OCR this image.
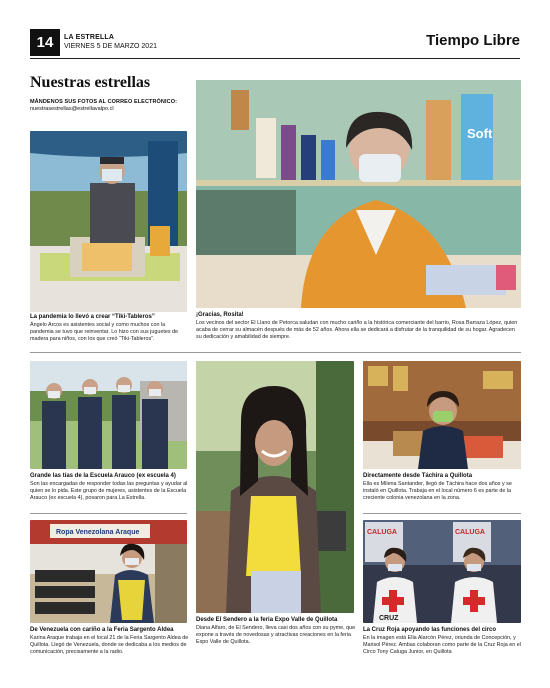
14	LA ESTRELLA
VIERNES 5 DE MARZO 2021	Tiempo Libre
Nuestras estrellas
MÁNDENOS SUS FOTOS AL CORREO ELECTRÓNICO:
nuestrasestrellas@estrellavalpo.cl
La pandemia lo llevó a crear “Tiki-Tableros”
Ángelo Arcos es asistentes social y como muchos con la pandemia se tuvo que reinventar. Lo hizo con sus juguetes de madera para niños, con los que creó “Tiki-Tableros”.
Soft
¡Gracias, Rosita!
Los vecinos del sector El Llano de Petorca saludan con mucho cariño a la histórica comerciante del barrio, Rosa Barraza López, quien acaba de cerrar su almacén después de más de 52 años. Ahora ella se dedicará a disfrutar de la tranquilidad de su hogar. Agradecen su dedicación y amabilidad de siempre.
Grande las tías de la Escuela Arauco (ex escuela 4)
Son las encargadas de responder todas las preguntas y ayudar al quien se lo pida. Este grupo de mujeres, asistentes de la Escuela Arauco (ex escuela 4), posaron para La Estrella.
Desde El Sendero a la feria Expo Valle de Quillota
Diana Alfaro, de El Sendero, lleva casi dos años con su pyme, que expone a través de novedosas y atractivas creaciones en la feria Expo Valle de Quillota.
Directamente desde Táchira a Quillota
Ella es Milena Santander, llegó de Táchira hace dos años y se instaló en Quillota. Trabaja en el local número 6 es parte de la creciente colonia venezolana en la zona.
Ropa Venezolana Araque
De Venezuela con cariño a la Feria Sargento Aldea
Karina Araque trabaja en el local 21 de la Feria Sargento Aldea de Quillota. Llegó de Venezuela, donde se dedicaba a los medios de comunicación, precisamente a la radio.
CALUGA	CALUGA
CRUZ
La Cruz Roja apoyando las funciones del circo
En la imagen está Ella Alarcón Pérez, oriunda de Concepción, y Marisol Pérez. Ambas colaboran como parte de la Cruz Roja en el Circo Tony Caluga Junior, en Quillota
